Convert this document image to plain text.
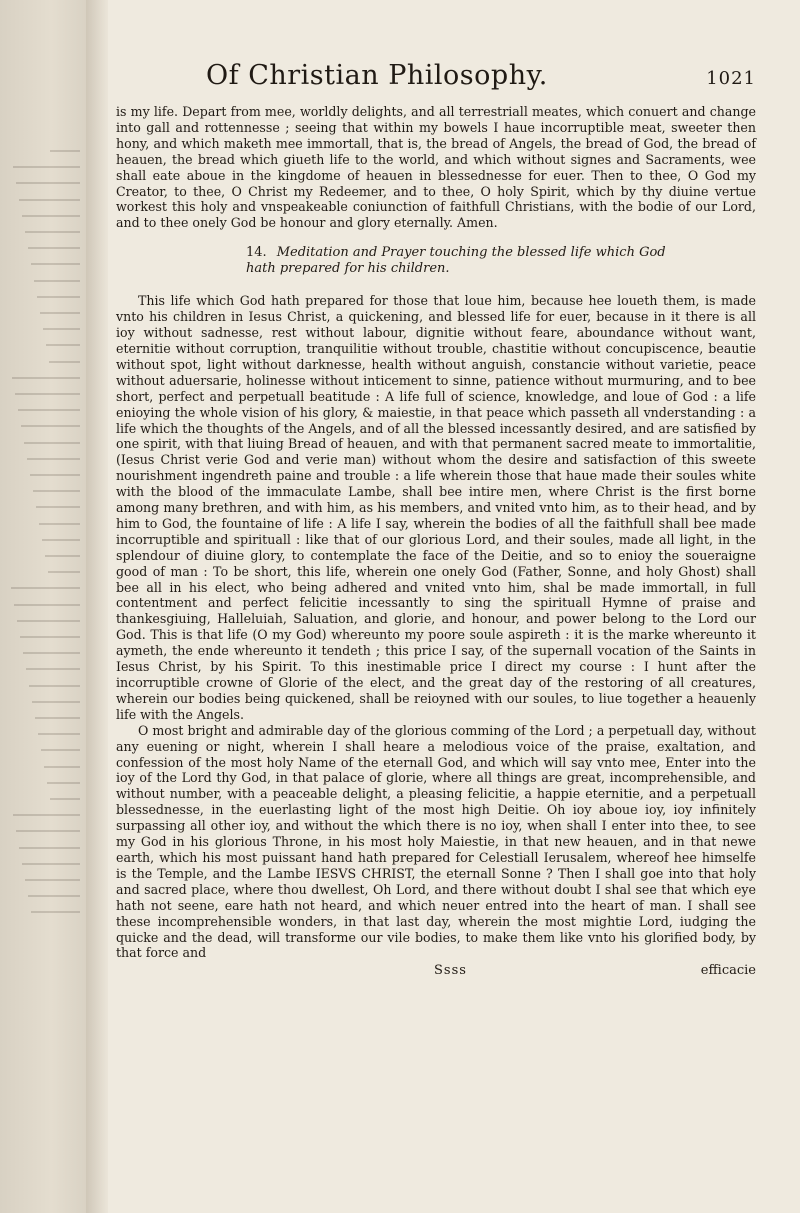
Of Christian Philosophy.	1021

is my life. Depart from mee, worldly delights, and all terrestriall meates, which conuert and change into gall and rottennesse ; seeing that within my bowels I haue incorruptible meat, sweeter then hony, and which maketh mee immortall, that is, the bread of Angels, the bread of God, the bread of heauen, the bread which giueth life to the world, and which without signes and Sacraments, wee shall eate aboue in the kingdome of heauen in blessednesse for euer. Then to thee, O God my Creator, to thee, O Christ my Redeemer, and to thee, O holy Spirit, which by thy diuine vertue workest this holy and vnspeakeable coniunction of faithfull Christians, with the bodie of our Lord, and to thee onely God be honour and glory eternally. Amen.

14. Meditation and Prayer touching the blessed life which God hath prepared for his children.

This life which God hath prepared for those that loue him, because hee loueth them, is made vnto his children in Iesus Christ, a quickening, and blessed life for euer, because in it there is all ioy without sadnesse, rest without labour, dignitie without feare, aboundance without want, eternitie without corruption, tranquilitie without trouble, chastitie without concupiscence, beautie without spot, light without darknesse, health without anguish, constancie without varietie, peace without aduersarie, holinesse without inticement to sinne, patience without murmuring, and to bee short, perfect and perpetuall beatitude : A life full of science, knowledge, and loue of God : a life enioying the whole vision of his glory, & maiestie, in that peace which passeth all vnderstanding : a life which the thoughts of the Angels, and of all the blessed incessantly desired, and are satisfied by one spirit, with that liuing Bread of heauen, and with that permanent sacred meate to immortalitie, (Iesus Christ verie God and verie man) without whom the desire and satisfaction of this sweete nourishment ingendreth paine and trouble : a life wherein those that haue made their soules white with the blood of the immaculate Lambe, shall bee intire men, where Christ is the first borne among many brethren, and with him, as his members, and vnited vnto him, as to their head, and by him to God, the fountaine of life : A life I say, wherein the bodies of all the faithfull shall bee made incorruptible and spirituall : like that of our glorious Lord, and their soules, made all light, in the splendour of diuine glory, to contemplate the face of the Deitie, and so to enioy the soueraigne good of man : To be short, this life, wherein one onely God (Father, Sonne, and holy Ghost) shall bee all in his elect, who being adhered and vnited vnto him, shal be made immortall, in full contentment and perfect felicitie incessantly to sing the spirituall Hymne of praise and thankesgiuing, Halleluiah, Saluation, and glorie, and honour, and power belong to the Lord our God. This is that life (O my God) whereunto my poore soule aspireth : it is the marke whereunto it aymeth, the ende whereunto it tendeth ; this price I say, of the supernall vocation of the Saints in Iesus Christ, by his Spirit. To this inestimable price I direct my course : I hunt after the incorruptible crowne of Glorie of the elect, and the great day of the restoring of all creatures, wherein our bodies being quickened, shall be reioyned with our soules, to liue together a heauenly life with the Angels.

O most bright and admirable day of the glorious comming of the Lord ; a perpetuall day, without any euening or night, wherein I shall heare a melodious voice of the praise, exaltation, and confession of the most holy Name of the eternall God, and which will say vnto mee, Enter into the ioy of the Lord thy God, in that palace of glorie, where all things are great, incomprehensible, and without number, with a peaceable delight, a pleasing felicitie, a happie eternitie, and a perpetuall blessednesse, in the euerlasting light of the most high Deitie. Oh ioy aboue ioy, ioy infinitely surpassing all other ioy, and without the which there is no ioy, when shall I enter into thee, to see my God in his glorious Throne, in his most holy Maiestie, in that new heauen, and in that newe earth, which his most puissant hand hath prepared for Celestiall Ierusalem, whereof hee himselfe is the Temple, and the Lambe IESVS CHRIST, the eternall Sonne ? Then I shall goe into that holy and sacred place, where thou dwellest, Oh Lord, and there without doubt I shal see that which eye hath not seene, eare hath not heard, and which neuer entred into the heart of man. I shall see these incomprehensible wonders, in that last day, wherein the most mightie Lord, iudging the quicke and the dead, will transforme our vile bodies, to make them like vnto his glorified body, by that force and

Ssss	efficacie
